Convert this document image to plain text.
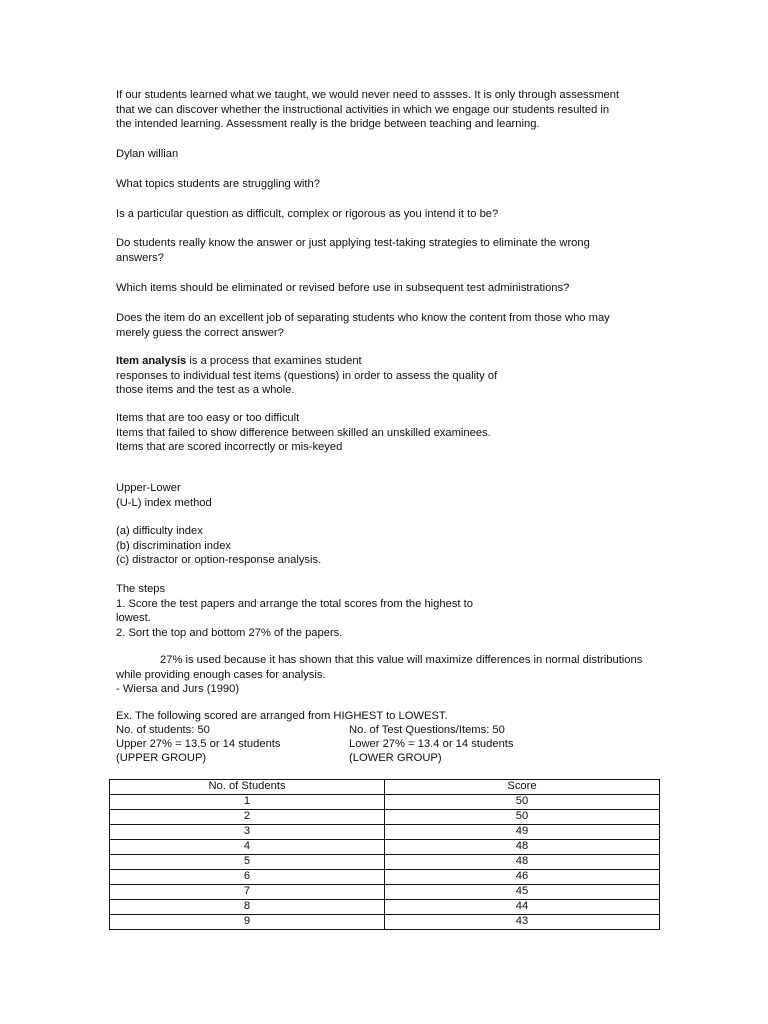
If our students learned what we taught, we would never need to assses. It is only through assessment
that we can discover whether the instructional activities in which we engage our students resulted in
the intended learning. Assessment really is the bridge between teaching and learning.
Dylan willian
What topics students are struggling with?
Is a particular question as difficult, complex or rigorous as you intend it to be?
Do students really know the answer or just applying test-taking strategies to eliminate the wrong
answers?
Which items should be eliminated or revised before use in subsequent test administrations?
Does the item do an excellent job of separating students who know the content from those who may
merely guess the correct answer?
Item analysis is a process that examines student
responses to individual test items (questions) in order to assess the quality of
those items and the test as a whole.
Items that are too easy or too difficult
Items that failed to show difference between skilled an unskilled examinees.
Items that are scored incorrectly or mis-keyed
Upper-Lower
(U-L) index method
(a) difficulty index
(b) discrimination index
(c) distractor or option-response analysis.
The steps
1. Score the test papers and arrange the total scores from the highest to
lowest.
2. Sort the top and bottom 27% of the papers.
27% is used because it has shown that this value will maximize differences in normal distributions
while providing enough cases for analysis.
- Wiersa and Jurs (1990)
Ex. The following scored are arranged from HIGHEST to LOWEST.
No. of students: 50	No. of Test Questions/Items: 50
Upper 27% = 13.5 or 14 students	Lower 27% = 13.4 or 14 students
(UPPER GROUP)	(LOWER GROUP)
No. of Students	Score
1	50
2	50
3	49
4	48
5	48
6	46
7	45
8	44
9	43
